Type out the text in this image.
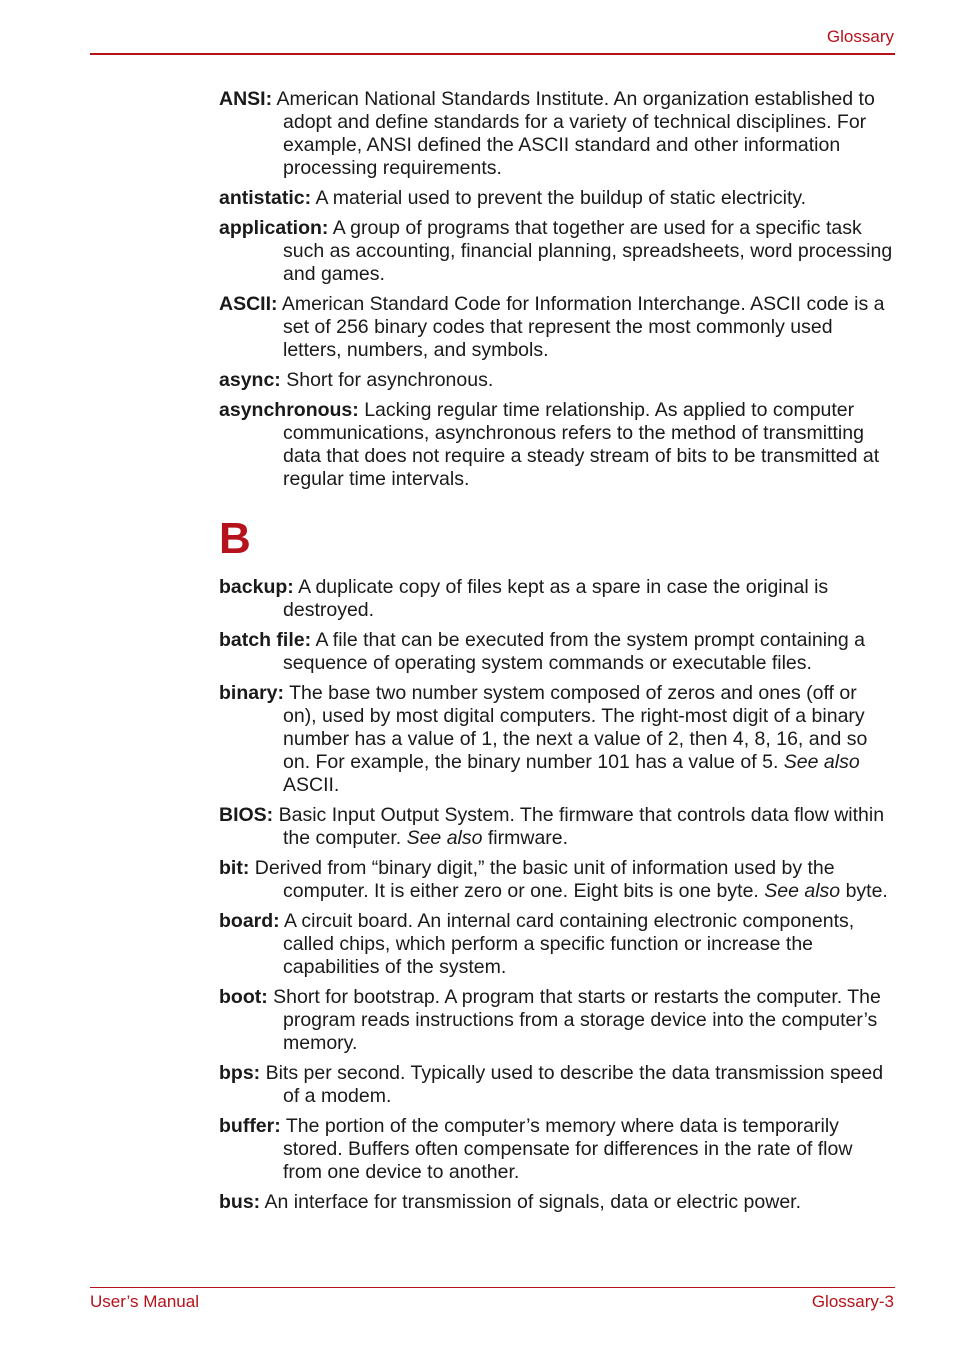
Glossary

ANSI: American National Standards Institute. An organization established to adopt and define standards for a variety of technical disciplines. For example, ANSI defined the ASCII standard and other information processing requirements.

antistatic: A material used to prevent the buildup of static electricity.

application: A group of programs that together are used for a specific task such as accounting, financial planning, spreadsheets, word processing and games.

ASCII: American Standard Code for Information Interchange. ASCII code is a set of 256 binary codes that represent the most commonly used letters, numbers, and symbols.

async: Short for asynchronous.

asynchronous: Lacking regular time relationship. As applied to computer communications, asynchronous refers to the method of transmitting data that does not require a steady stream of bits to be transmitted at regular time intervals.

B

backup: A duplicate copy of files kept as a spare in case the original is destroyed.

batch file: A file that can be executed from the system prompt containing a sequence of operating system commands or executable files.

binary: The base two number system composed of zeros and ones (off or on), used by most digital computers. The right-most digit of a binary number has a value of 1, the next a value of 2, then 4, 8, 16, and so on. For example, the binary number 101 has a value of 5. See also ASCII.

BIOS: Basic Input Output System. The firmware that controls data flow within the computer. See also firmware.

bit: Derived from “binary digit,” the basic unit of information used by the computer. It is either zero or one. Eight bits is one byte. See also byte.

board: A circuit board. An internal card containing electronic components, called chips, which perform a specific function or increase the capabilities of the system.

boot: Short for bootstrap. A program that starts or restarts the computer. The program reads instructions from a storage device into the computer’s memory.

bps: Bits per second. Typically used to describe the data transmission speed of a modem.

buffer: The portion of the computer’s memory where data is temporarily stored. Buffers often compensate for differences in the rate of flow from one device to another.

bus: An interface for transmission of signals, data or electric power.

User’s Manual	Glossary-3
